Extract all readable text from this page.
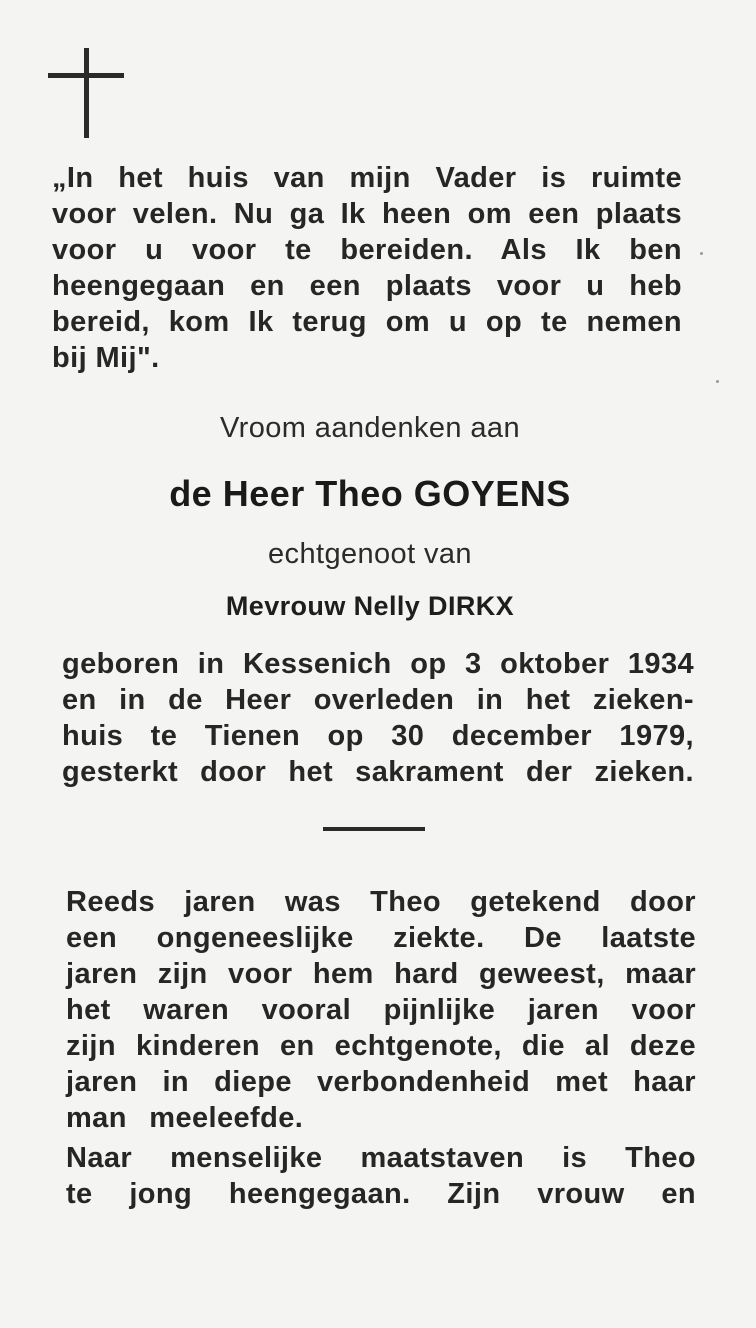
„In het huis van mijn Vader is ruimte
voor velen. Nu ga Ik heen om een plaats
voor u voor te bereiden. Als Ik ben
heengegaan en een plaats voor u heb
bereid, kom Ik terug om u op te nemen
bij Mij".
Vroom aandenken aan
de Heer Theo GOYENS
echtgenoot van
Mevrouw Nelly DIRKX
geboren in Kessenich op 3 oktober 1934
en in de Heer overleden in het zieken-
huis te Tienen op 30 december 1979,
gesterkt door het sakrament der zieken.
Reeds jaren was Theo getekend door
een ongeneeslijke ziekte. De laatste
jaren zijn voor hem hard geweest, maar
het waren vooral pijnlijke jaren voor
zijn kinderen en echtgenote, die al deze
jaren in diepe verbondenheid met haar
man meeleefde.
Naar menselijke maatstaven is Theo
te jong heengegaan. Zijn vrouw en
